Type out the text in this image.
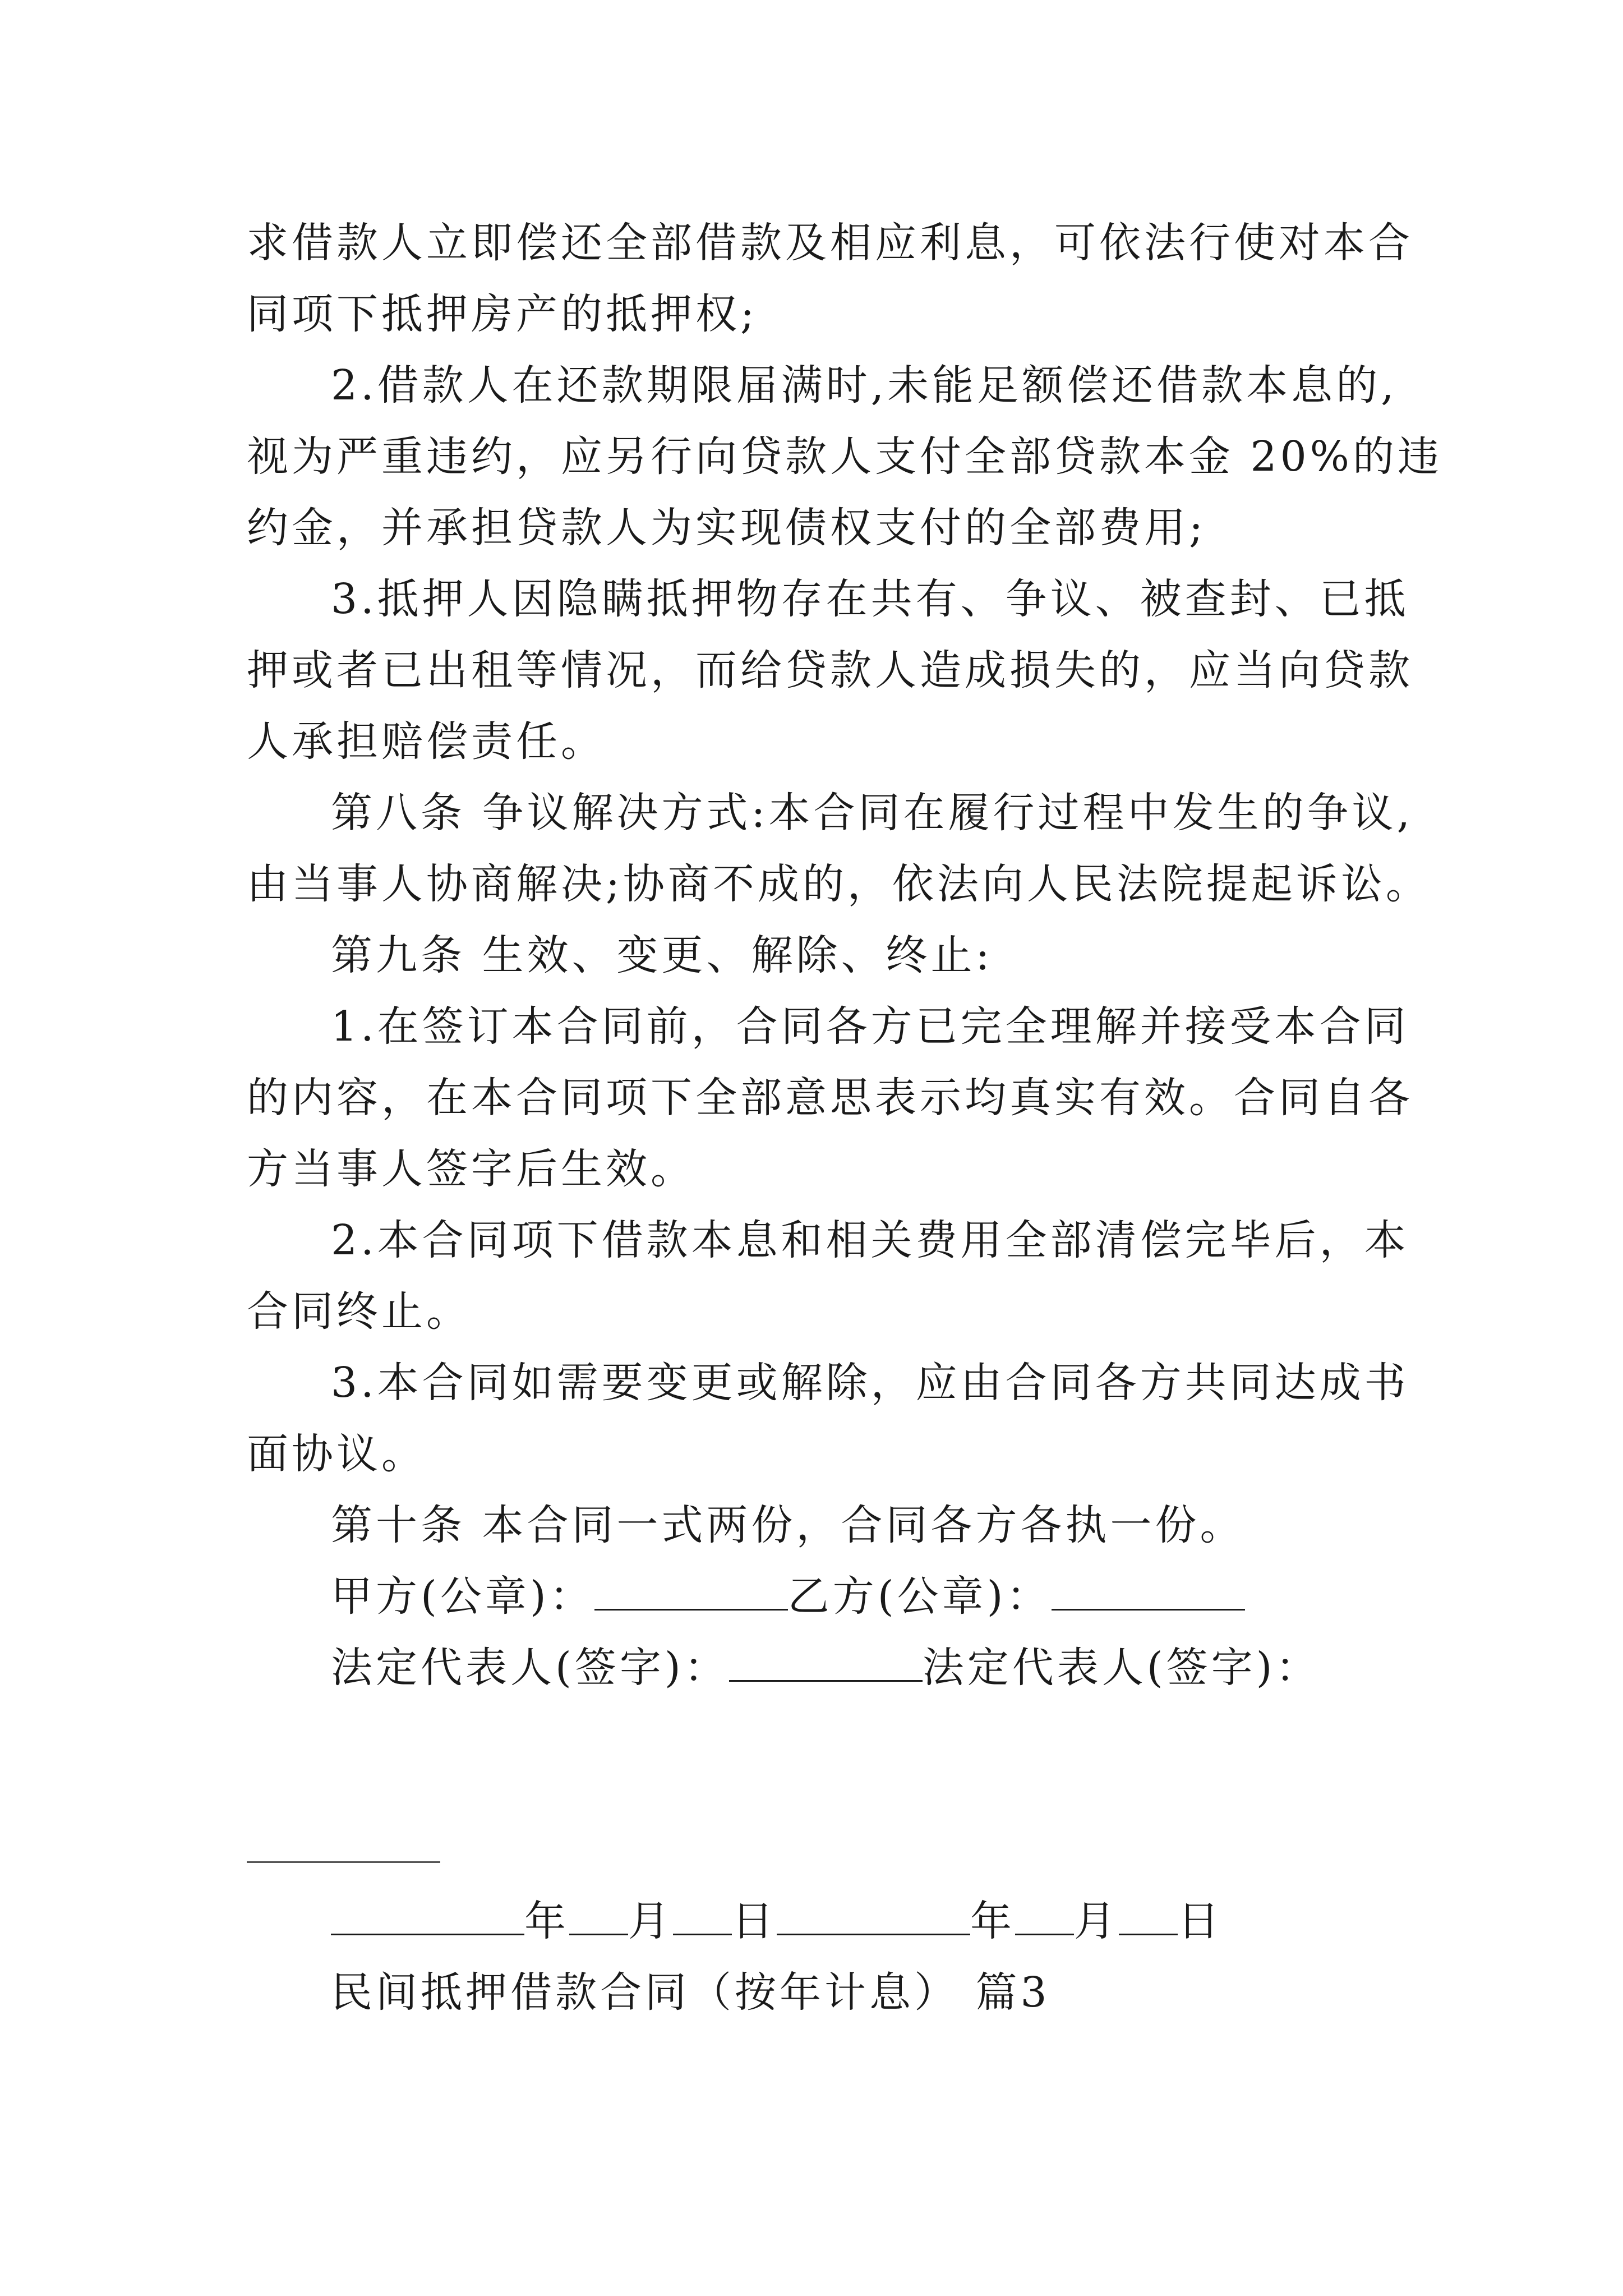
求借款人立即偿还全部借款及相应利息，可依法行使对本合
同项下抵押房产的抵押权;
2.借款人在还款期限届满时,未能足额偿还借款本息的,
视为严重违约，应另行向贷款人支付全部贷款本金 20%的违
约金，并承担贷款人为实现债权支付的全部费用;
3.抵押人因隐瞒抵押物存在共有、争议、被查封、已抵
押或者已出租等情况，而给贷款人造成损失的，应当向贷款
人承担赔偿责任。
第八条 争议解决方式:本合同在履行过程中发生的争议,
由当事人协商解决;协商不成的，依法向人民法院提起诉讼。
第九条 生效、变更、解除、终止:
1.在签订本合同前，合同各方已完全理解并接受本合同
的内容，在本合同项下全部意思表示均真实有效。合同自各
方当事人签字后生效。
2.本合同项下借款本息和相关费用全部清偿完毕后，本
合同终止。
3.本合同如需要变更或解除，应由合同各方共同达成书
面协议。
第十条 本合同一式两份，合同各方各执一份。
甲方(公章)：	乙方(公章)：
法定代表人(签字)：	法定代表人(签字)：
年 月 日	年 月 日
民间抵押借款合同（按年计息） 篇3
